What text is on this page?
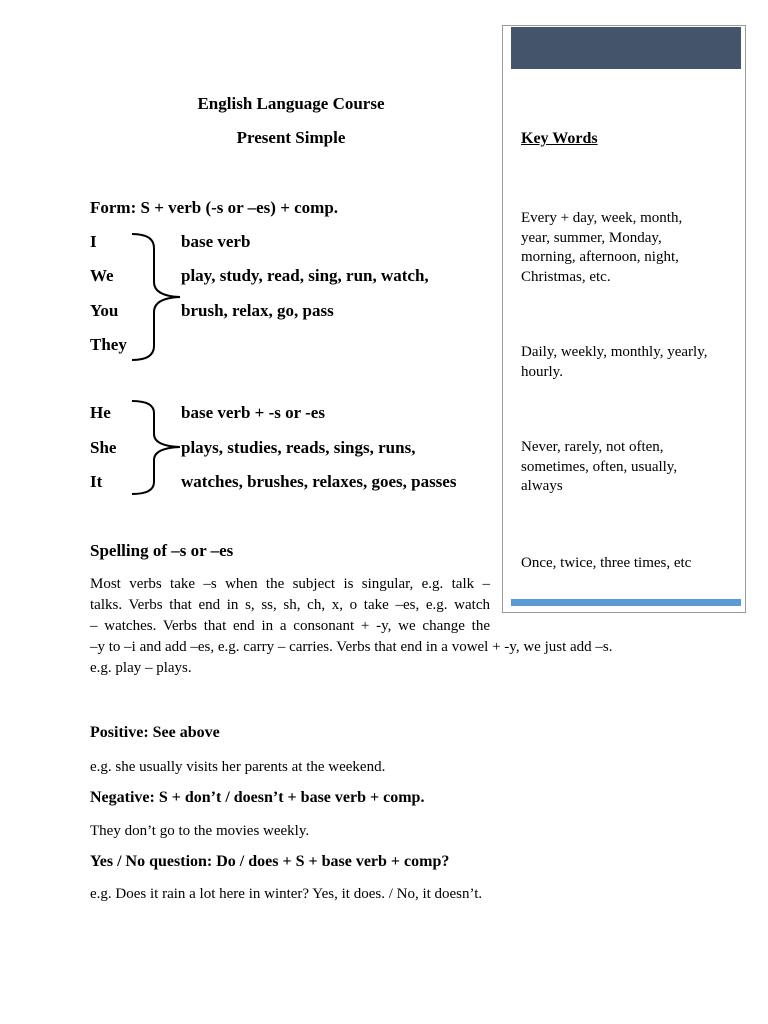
English Language Course
Present Simple
Form: S + verb (-s or –es) + comp.
I
We
You
They
base verb
play, study, read, sing, run, watch,
brush, relax, go, pass
He
She
It
base verb + -s or -es
plays, studies, reads, sings, runs,
watches, brushes, relaxes, goes, passes
Spelling of –s or –es
Most verbs take –s when the subject is singular, e.g. talk –
talks. Verbs that end in s, ss, sh, ch, x, o take –es, e.g. watch
– watches. Verbs that end in a consonant + -y, we change the
–y to –i and add –es, e.g. carry – carries. Verbs that end in a vowel + -y, we just add –s.
e.g. play – plays.
Positive: See above
e.g. she usually visits her parents at the weekend.
Negative: S + don’t / doesn’t + base verb + comp.
They don’t go to the movies weekly.
Yes / No question: Do / does + S + base verb + comp?
e.g. Does it rain a lot here in winter? Yes, it does. / No, it doesn’t.
Key Words
Every + day, week, month,
year, summer, Monday,
morning, afternoon, night,
Christmas, etc.
Daily, weekly, monthly, yearly,
hourly.
Never, rarely, not often,
sometimes, often, usually,
always
Once, twice, three times, etc
